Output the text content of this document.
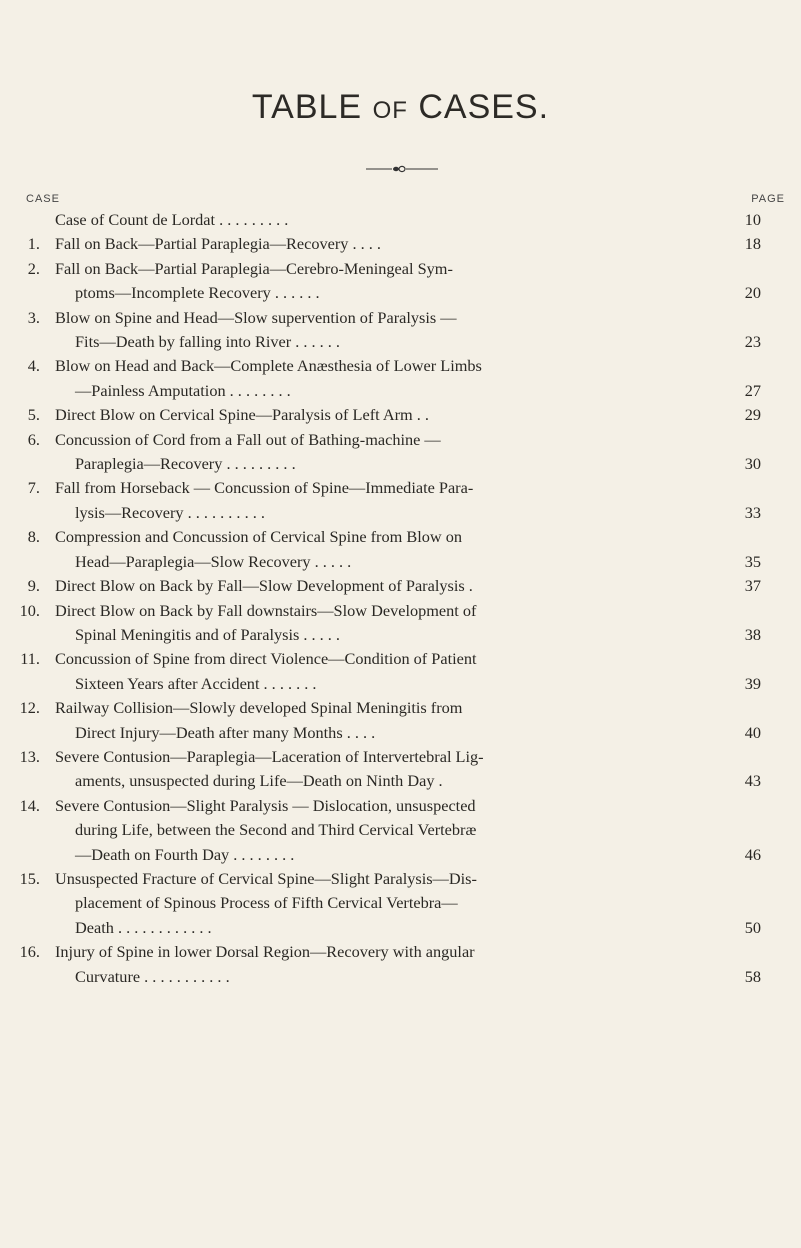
TABLE OF CASES.
CASE	PAGE
Case of Count de Lordat . . . . . . . . .	10
1. Fall on Back—Partial Paraplegia—Recovery . . . .	18
2. Fall on Back—Partial Paraplegia—Cerebro-Meningeal Sym-
ptoms—Incomplete Recovery . . . . . .	20
3. Blow on Spine and Head—Slow supervention of Paralysis —
Fits—Death by falling into River . . . . . .	23
4. Blow on Head and Back—Complete Anæsthesia of Lower Limbs
—Painless Amputation . . . . . . . .	27
5. Direct Blow on Cervical Spine—Paralysis of Left Arm . .	29
6. Concussion of Cord from a Fall out of Bathing-machine —
Paraplegia—Recovery . . . . . . . . .	30
7. Fall from Horseback — Concussion of Spine—Immediate Para-
lysis—Recovery . . . . . . . . . .	33
8. Compression and Concussion of Cervical Spine from Blow on
Head—Paraplegia—Slow Recovery . . . . .	35
9. Direct Blow on Back by Fall—Slow Development of Paralysis .	37
10. Direct Blow on Back by Fall downstairs—Slow Development of
Spinal Meningitis and of Paralysis . . . . .	38
11. Concussion of Spine from direct Violence—Condition of Patient
Sixteen Years after Accident . . . . . . .	39
12. Railway Collision—Slowly developed Spinal Meningitis from
Direct Injury—Death after many Months . . . .	40
13. Severe Contusion—Paraplegia—Laceration of Intervertebral Lig-
aments, unsuspected during Life—Death on Ninth Day .	43
14. Severe Contusion—Slight Paralysis — Dislocation, unsuspected
during Life, between the Second and Third Cervical Vertebræ
—Death on Fourth Day . . . . . . . .	46
15. Unsuspected Fracture of Cervical Spine—Slight Paralysis—Dis-
placement of Spinous Process of Fifth Cervical Vertebra—
Death . . . . . . . . . . . .	50
16. Injury of Spine in lower Dorsal Region—Recovery with angular
Curvature . . . . . . . . . . .	58
